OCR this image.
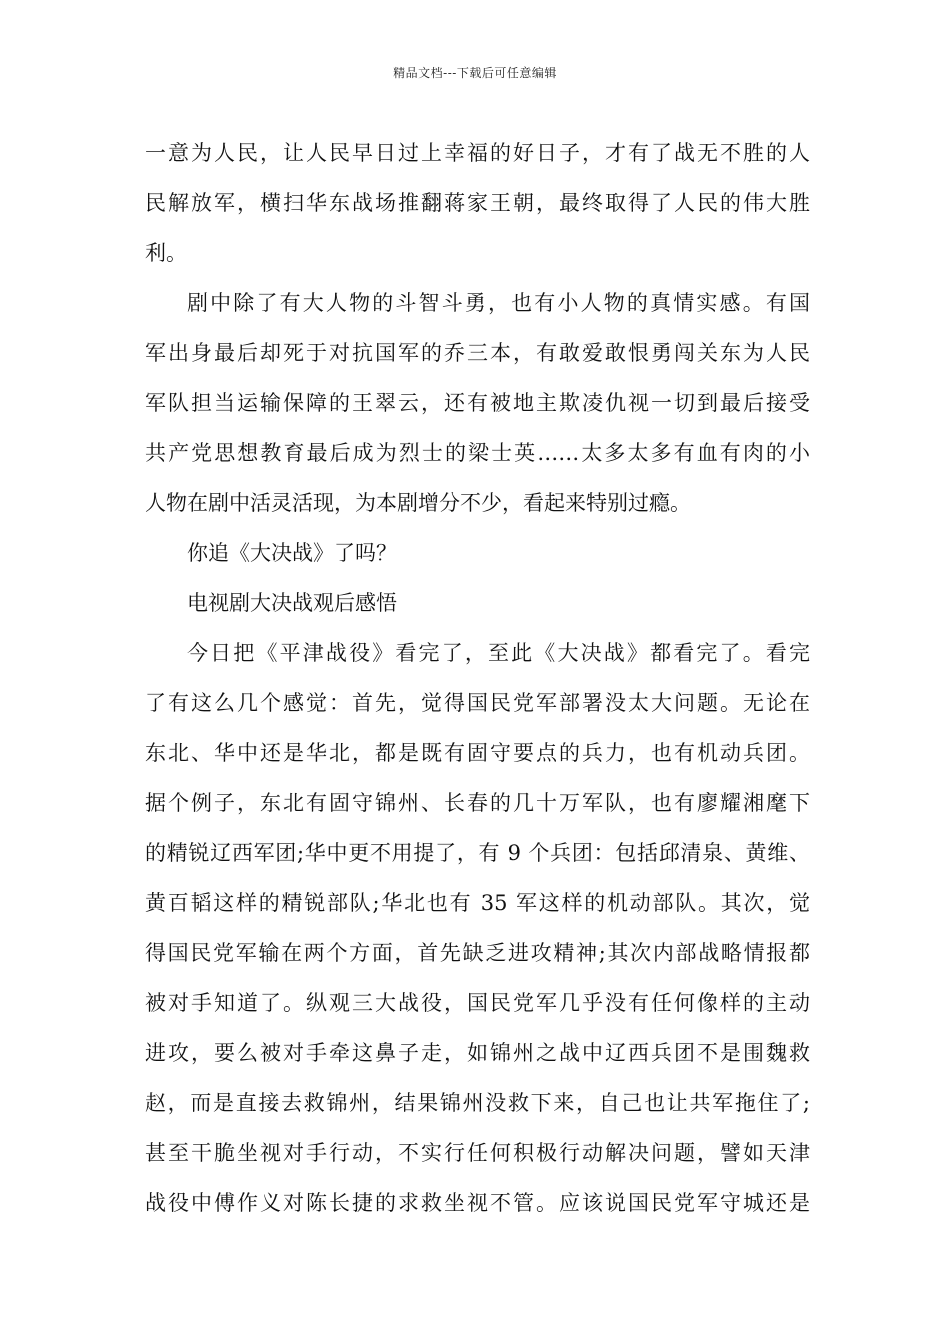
精品文档---下载后可任意编辑

一意为人民，让人民早日过上幸福的好日子，才有了战无不胜的人
民解放军，横扫华东战场推翻蒋家王朝，最终取得了人民的伟大胜
利。

剧中除了有大人物的斗智斗勇，也有小人物的真情实感。有国
军出身最后却死于对抗国军的乔三本，有敢爱敢恨勇闯关东为人民
军队担当运输保障的王翠云，还有被地主欺凌仇视一切到最后接受
共产党思想教育最后成为烈士的梁士英……太多太多有血有肉的小
人物在剧中活灵活现，为本剧增分不少，看起来特别过瘾。

你追《大决战》了吗？

电视剧大决战观后感悟

今日把《平津战役》看完了，至此《大决战》都看完了。看完
了有这么几个感觉：首先，觉得国民党军部署没太大问题。无论在
东北、华中还是华北，都是既有固守要点的兵力，也有机动兵团。
据个例子，东北有固守锦州、长春的几十万军队，也有廖耀湘麾下
的精锐辽西军团;华中更不用提了，有 9 个兵团：包括邱清泉、黄维、
黄百韬这样的精锐部队;华北也有 35 军这样的机动部队。其次，觉
得国民党军输在两个方面，首先缺乏进攻精神;其次内部战略情报都
被对手知道了。纵观三大战役，国民党军几乎没有任何像样的主动
进攻，要么被对手牵这鼻子走，如锦州之战中辽西兵团不是围魏救
赵，而是直接去救锦州，结果锦州没救下来，自己也让共军拖住了;
甚至干脆坐视对手行动，不实行任何积极行动解决问题，譬如天津
战役中傅作义对陈长捷的求救坐视不管。应该说国民党军守城还是
